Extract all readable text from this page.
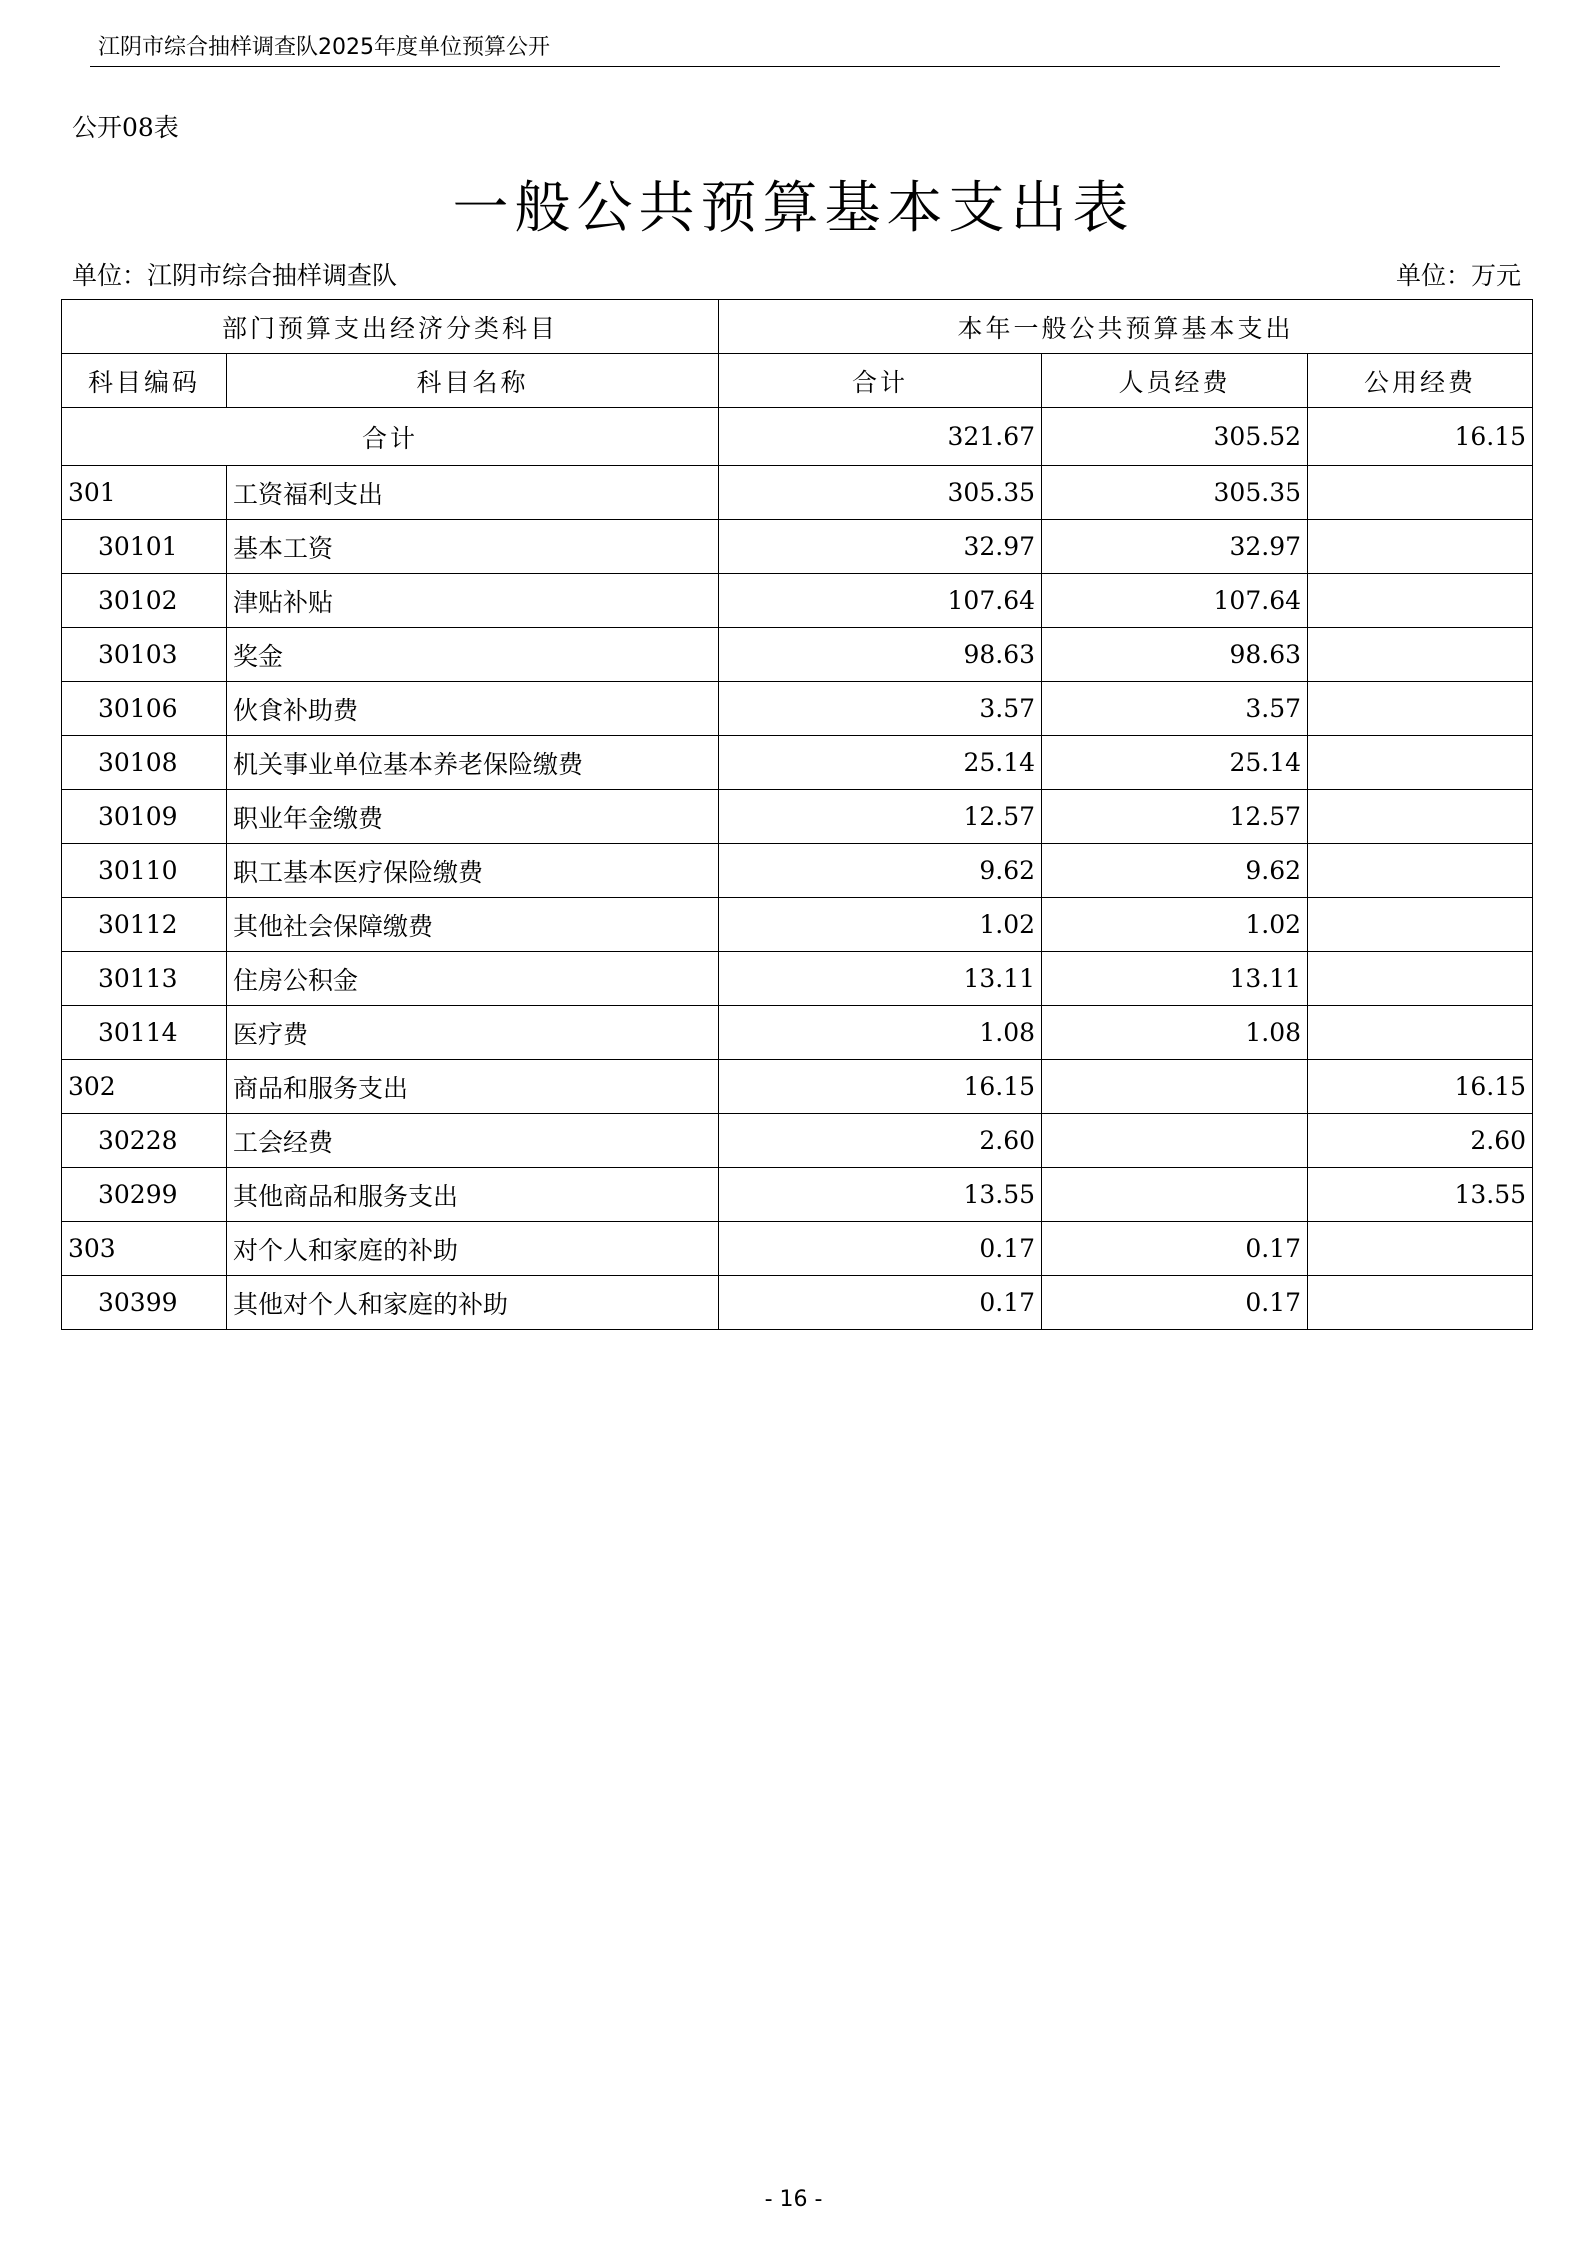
江阴市综合抽样调查队2025年度单位预算公开
公开08表
一般公共预算基本支出表
单位：江阴市综合抽样调查队	单位：万元
部门预算支出经济分类科目		本年一般公共预算基本支出		
科目编码	科目名称	合计	人员经费	公用经费
合计		321.67	305.52	16.15
301	工资福利支出	305.35	305.35	
30101	基本工资	32.97	32.97	
30102	津贴补贴	107.64	107.64	
30103	奖金	98.63	98.63	
30106	伙食补助费	3.57	3.57	
30108	机关事业单位基本养老保险缴费	25.14	25.14	
30109	职业年金缴费	12.57	12.57	
30110	职工基本医疗保险缴费	9.62	9.62	
30112	其他社会保障缴费	1.02	1.02	
30113	住房公积金	13.11	13.11	
30114	医疗费	1.08	1.08	
302	商品和服务支出	16.15		16.15
30228	工会经费	2.60		2.60
30299	其他商品和服务支出	13.55		13.55
303	对个人和家庭的补助	0.17	0.17	
30399	其他对个人和家庭的补助	0.17	0.17	
- 16 -
